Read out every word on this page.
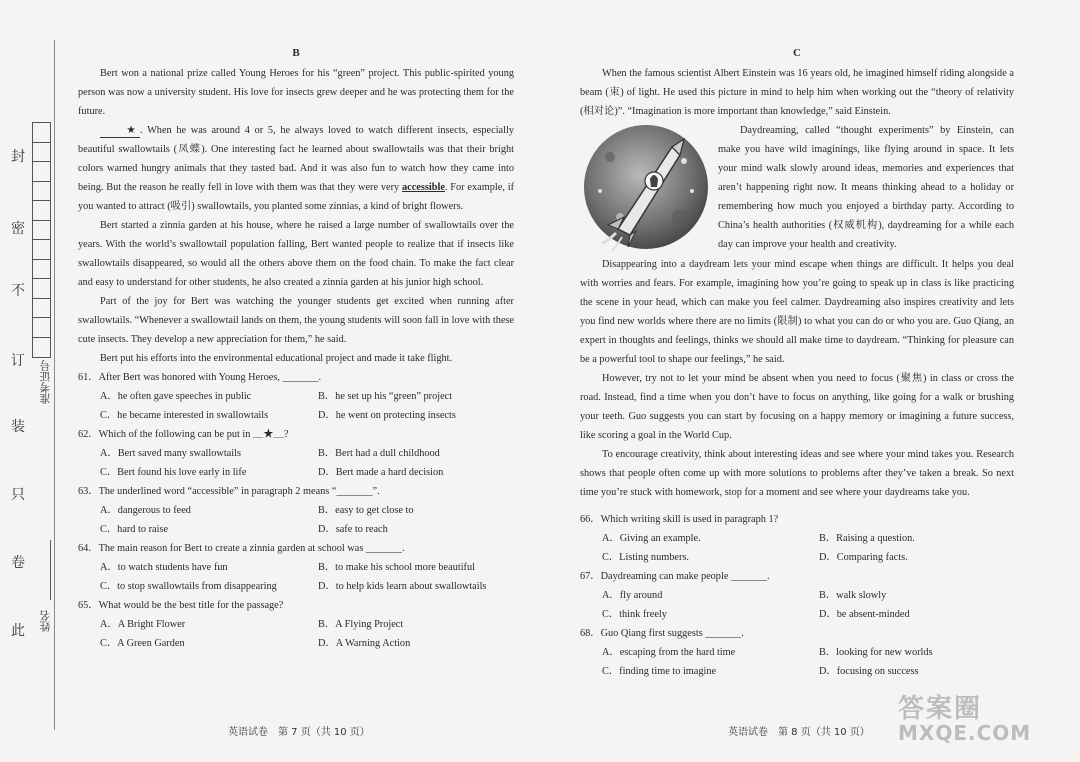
封
密
不
订
装
只
卷
此
准考证号
姓名
B

Bert won a national prize called Young Heroes for his “green” project. This public-spirited young person was now a university student. His love for insects grew deeper and he was protecting them for the future.

★ . When he was around 4 or 5, he always loved to watch different insects, especially beautiful swallowtails (凤蝶). One interesting fact he learned about swallowtails was that their bright colors warned hungry animals that they tasted bad. And it was also fun to watch how they came into being. But the reason he really fell in love with them was that they were very accessible. For example, if you wanted to attract (吸引) swallowtails, you planted some zinnias, a kind of bright flowers.

Bert started a zinnia garden at his house, where he raised a large number of swallowtails over the years. With the world’s swallowtail population falling, Bert wanted people to realize that if insects like swallowtails disappeared, so would all the others above them on the food chain. To make the fact clear and easy to understand for other students, he also created a zinnia garden at his junior high school.

Part of the joy for Bert was watching the younger students get excited when running after swallowtails. “Whenever a swallowtail lands on them, the young students will soon fall in love with these cute insects. They develop a new appreciation for them,” he said.

Bert put his efforts into the environmental educational project and made it take flight.

61．After Bert was honored with Young Heroes, _______.
A．he often gave speeches in public	B．he set up his “green” project
C．he became interested in swallowtails	D．he went on protecting insects
62．Which of the following can be put in ＿★＿?
A．Bert saved many swallowtails	B．Bert had a dull childhood
C．Bert found his love early in life	D．Bert made a hard decision
63．The underlined word “accessible” in paragraph 2 means “_______”.
A．dangerous to feed	B．easy to get close to
C．hard to raise	D．safe to reach
64．The main reason for Bert to create a zinnia garden at school was _______.
A．to watch students have fun	B．to make his school more beautiful
C．to stop swallowtails from disappearing	D．to help kids learn about swallowtails
65．What would be the best title for the passage?
A．A Bright Flower	B．A Flying Project
C．A Green Garden	D．A Warning Action
C

When the famous scientist Albert Einstein was 16 years old, he imagined himself riding alongside a beam (束) of light. He used this picture in mind to help him when working out the “theory of relativity (相对论)”. “Imagination is more important than knowledge,” said Einstein.

Daydreaming, called “thought experiments” by Einstein, can make you have wild imaginings, like flying around in space. It lets your mind walk slowly around ideas, memories and experiences that aren’t happening right now. It means thinking ahead to a holiday or remembering how much you enjoyed a birthday party. According to China’s health authorities (权威机构), daydreaming for a while each day can improve your health and creativity.

Disappearing into a daydream lets your mind escape when things are difficult. It helps you deal with worries and fears. For example, imagining how you’re going to speak up in class is like practicing the scene in your head, which can make you feel calmer. Daydreaming also inspires creativity and lets you find new worlds where there are no limits (限制) to what you can do or who you are. Guo Qiang, an expert in thoughts and feelings, thinks we should all make time to daydream. “Thinking for pleasure can be a powerful tool to shape our feelings,” he said.

However, try not to let your mind be absent when you need to focus (聚焦) in class or cross the road. Instead, find a time when you don’t have to focus on anything, like going for a walk or brushing your teeth. Guo suggests you can start by focusing on a happy memory or imagining a future success, like scoring a goal in the World Cup.

To encourage creativity, think about interesting ideas and see where your mind takes you. Research shows that people often come up with more solutions to problems after they’ve taken a break. So next time you’re stuck with homework, stop for a moment and see where your daydreams take you.

66．Which writing skill is used in paragraph 1?
A．Giving an example.	B．Raising a question.
C．Listing numbers.	D．Comparing facts.
67．Daydreaming can make people _______.
A．fly around	B．walk slowly
C．think freely	D．be absent-minded
68．Guo Qiang first suggests _______.
A．escaping from the hard time	B．looking for new worlds
C．finding time to imagine	D．focusing on success
英语试卷　第 7 页（共 10 页）	英语试卷　第 8 页（共 10 页）
答案圈
MXQE.COM
